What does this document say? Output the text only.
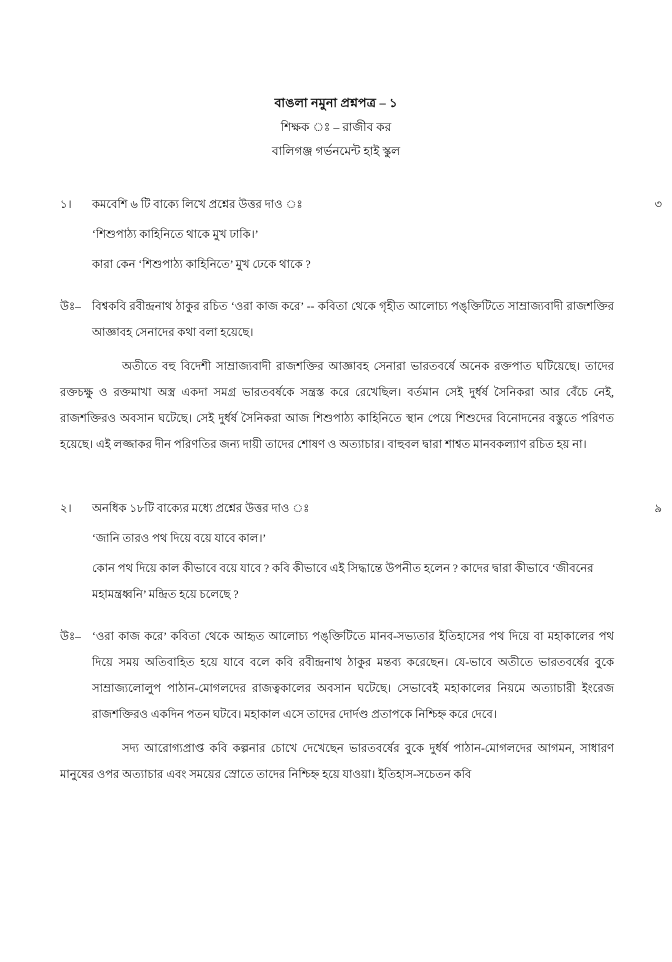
বাঙলা নমুনা প্রশ্নপত্র – ১
শিক্ষক ঃ – রাজীব কর
বালিগঞ্জ গর্ভনমেন্ট হাই স্কুল
১। কমবেশি ৬ টি বাক্যে লিখে প্রশ্নের উত্তর দাও ঃ	৩
‘শিশুপাঠ্য কাহিনিতে থাকে মুখ ঢাকি।’
কারা কেন ‘শিশুপাঠ্য কাহিনিতে’ মুখ ঢেকে থাকে ?
উঃ– বিশ্বকবি রবীন্দ্রনাথ ঠাকুর রচিত ‘ওরা কাজ করে’ -- কবিতা থেকে গৃহীত আলোচ্য পঙ্‌ক্তিটিতে সাম্রাজ্যবাদী রাজশক্তির আজ্ঞাবহ সেনাদের কথা বলা হয়েছে।
অতীতে বহু বিদেশী সাম্রাজ্যবাদী রাজশক্তির আজ্ঞাবহ সেনারা ভারতবর্ষে অনেক রক্তপাত ঘটিয়েছে। তাদের রক্তচক্ষু ও রক্তমাখা অস্ত্র একদা সমগ্র ভারতবর্ষকে সন্ত্রস্ত করে রেখেছিল। বর্তমান সেই দুর্ধর্ষ সৈনিকরা আর বেঁচে নেই, রাজশক্তিরও অবসান ঘটেছে। সেই দুর্ধর্ষ সৈনিকরা আজ শিশুপাঠ্য কাহিনিতে স্থান পেয়ে শিশুদের বিনোদনের বস্তুতে পরিণত হয়েছে। এই লজ্জাকর দীন পরিণতির জন্য দায়ী তাদের শোষণ ও অত্যাচার। বাহুবল দ্বারা শাশ্বত মানবকল্যাণ রচিত হয় না।
২। অনধিক ১৮টি বাক্যের মধ্যে প্রশ্নের উত্তর দাও ঃ	৯
‘জানি তারও পথ দিয়ে বয়ে যাবে কাল।’
কোন পথ দিয়ে কাল কীভাবে বয়ে যাবে ? কবি কীভাবে এই সিদ্ধান্তে উপনীত হলেন ? কাদের দ্বারা কীভাবে ‘জীবনের মহামন্ত্রধ্বনি’ মন্দ্রিত হয়ে চলেছে ?
উঃ– ‘ওরা কাজ করে’ কবিতা থেকে আহৃত আলোচ্য পঙ্‌ক্তিটিতে মানব-সভ্যতার ইতিহাসের পথ দিয়ে বা মহাকালের পথ দিয়ে সময় অতিবাহিত হয়ে যাবে বলে কবি রবীন্দ্রনাথ ঠাকুর মন্তব্য করেছেন। যে-ভাবে অতীতে ভারতবর্ষের বুকে সাম্রাজ্যলোলুপ পাঠান-মোগলদের রাজত্বকালের অবসান ঘটেছে। সেভাবেই মহাকালের নিয়মে অত্যাচারী ইংরেজ রাজশক্তিরও একদিন পতন ঘটবে। মহাকাল এসে তাদের দোর্দণ্ড প্রতাপকে নিশ্চিহ্ন করে দেবে।
সদ্য আরোগ্যপ্রাপ্ত কবি কল্পনার চোখে দেখেছেন ভারতবর্ষের বুকে দুর্ধর্ষ পাঠান-মোগলদের আগমন, সাধারণ মানুষের ওপর অত্যাচার এবং সময়ের স্রোতে তাদের নিশ্চিহ্ন হয়ে যাওয়া। ইতিহাস-সচেতন কবি
